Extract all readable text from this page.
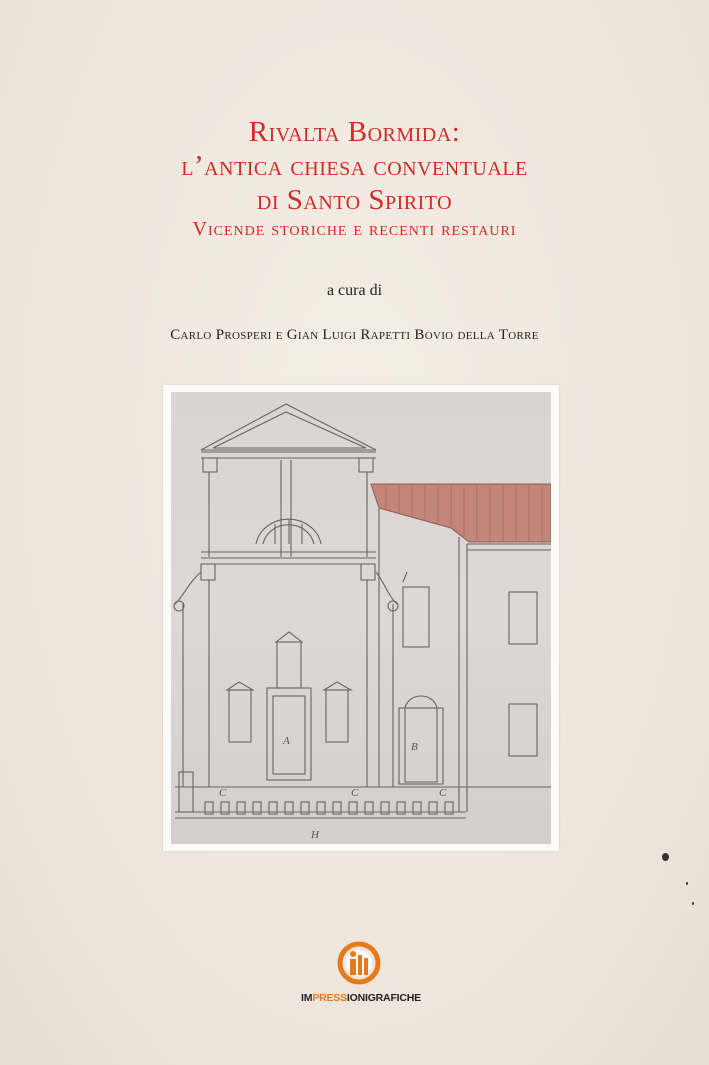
Rivalta Bormida:
l’antica chiesa conventuale
di Santo Spirito
Vicende storiche e recenti restauri
a cura di
Carlo Prosperi e Gian Luigi Rapetti Bovio della Torre
A	B
C	C	C
H
IMPRESSIONIGRAFICHE
